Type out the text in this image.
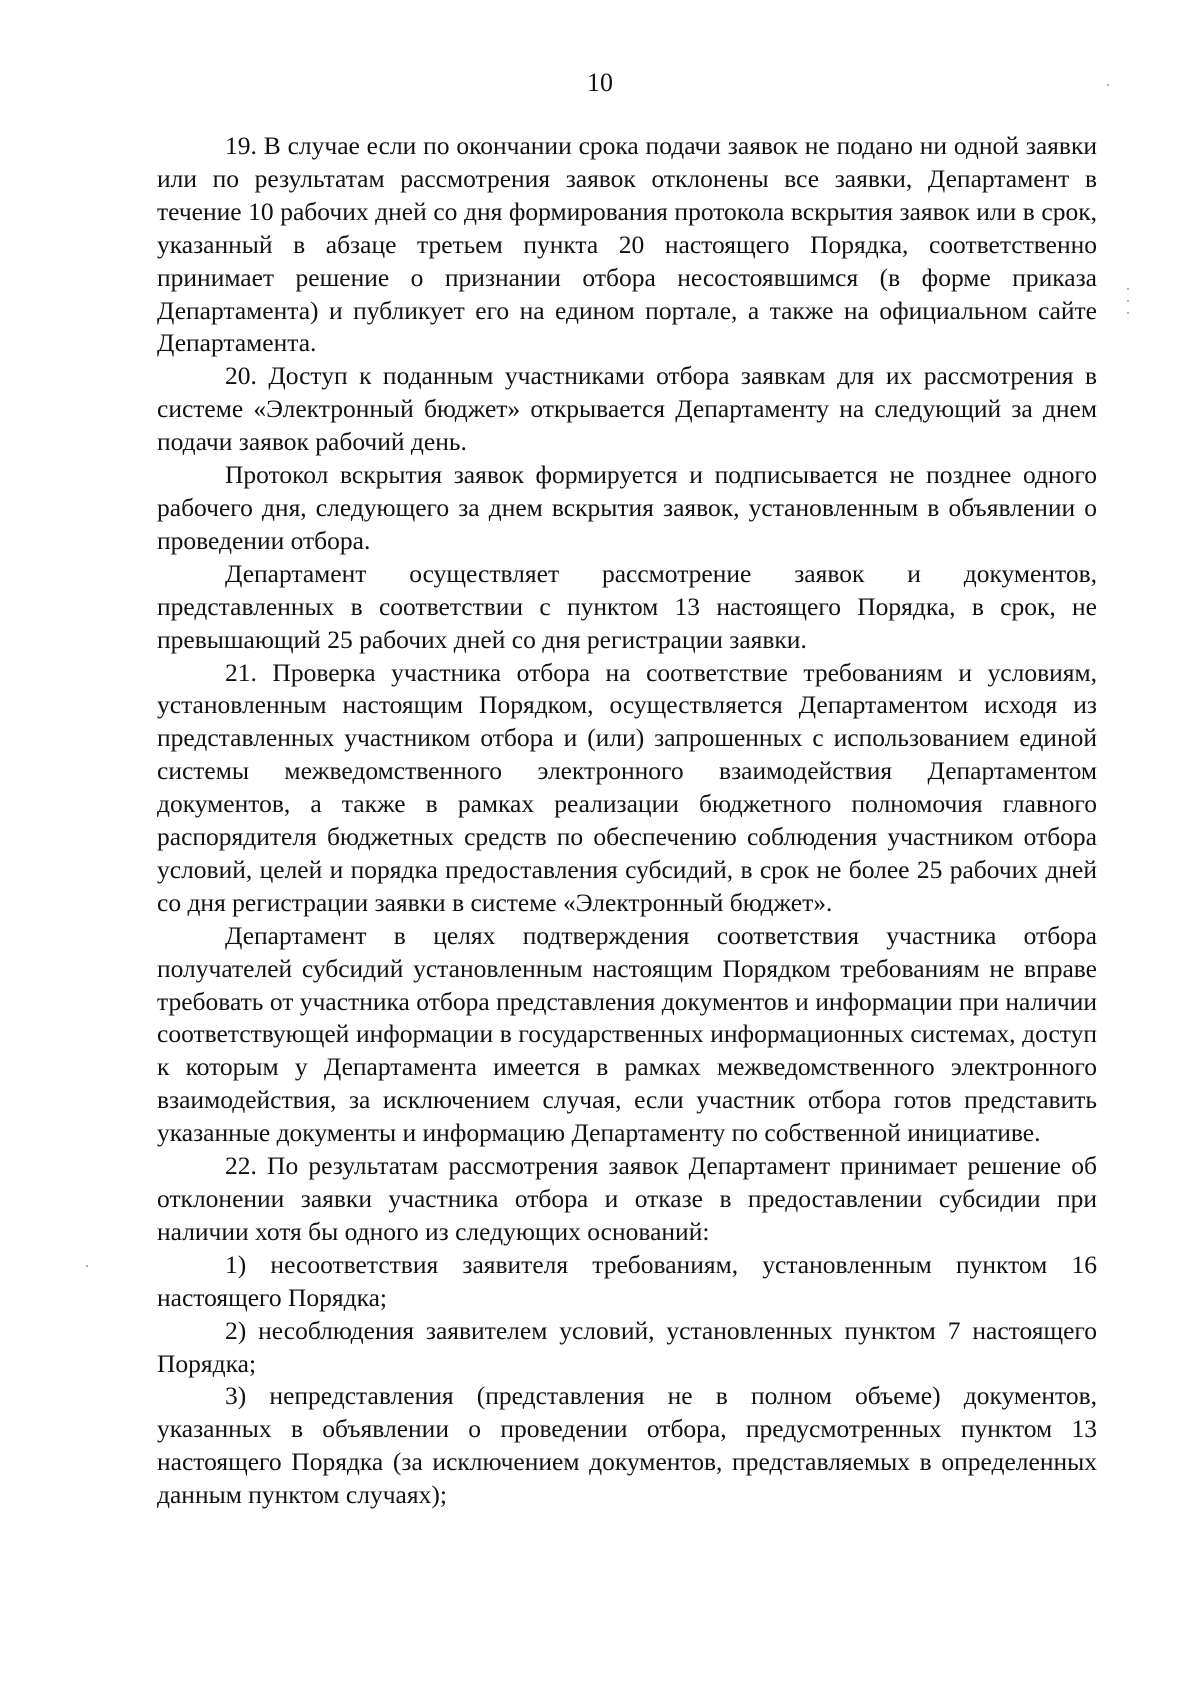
10

19. В случае если по окончании срока подачи заявок не подано ни одной заявки или по результатам рассмотрения заявок отклонены все заявки, Департамент в течение 10 рабочих дней со дня формирования протокола вскрытия заявок или в срок, указанный в абзаце третьем пункта 20 настоящего Порядка, соответственно принимает решение о признании отбора несостоявшимся (в форме приказа Департамента) и публикует его на едином портале, а также на официальном сайте Департамента.

20. Доступ к поданным участниками отбора заявкам для их рассмотрения в системе «Электронный бюджет» открывается Департаменту на следующий за днем подачи заявок рабочий день.

Протокол вскрытия заявок формируется и подписывается не позднее одного рабочего дня, следующего за днем вскрытия заявок, установленным в объявлении о проведении отбора.

Департамент осуществляет рассмотрение заявок и документов, представленных в соответствии с пунктом 13 настоящего Порядка, в срок, не превышающий 25 рабочих дней со дня регистрации заявки.

21. Проверка участника отбора на соответствие требованиям и условиям, установленным настоящим Порядком, осуществляется Департаментом исходя из представленных участником отбора и (или) запрошенных с использованием единой системы межведомственного электронного взаимодействия Департаментом документов, а также в рамках реализации бюджетного полномочия главного распорядителя бюджетных средств по обеспечению соблюдения участником отбора условий, целей и порядка предоставления субсидий, в срок не более 25 рабочих дней со дня регистрации заявки в системе «Электронный бюджет».

Департамент в целях подтверждения соответствия участника отбора получателей субсидий установленным настоящим Порядком требованиям не вправе требовать от участника отбора представления документов и информации при наличии соответствующей информации в государственных информационных системах, доступ к которым у Департамента имеется в рамках межведомственного электронного взаимодействия, за исключением случая, если участник отбора готов представить указанные документы и информацию Департаменту по собственной инициативе.

22. По результатам рассмотрения заявок Департамент принимает решение об отклонении заявки участника отбора и отказе в предоставлении субсидии при наличии хотя бы одного из следующих оснований:

1) несоответствия заявителя требованиям, установленным пунктом 16 настоящего Порядка;

2) несоблюдения заявителем условий, установленных пунктом 7 настоящего Порядка;

3) непредставления (представления не в полном объеме) документов, указанных в объявлении о проведении отбора, предусмотренных пунктом 13 настоящего Порядка (за исключением документов, представляемых в определенных данным пунктом случаях);
